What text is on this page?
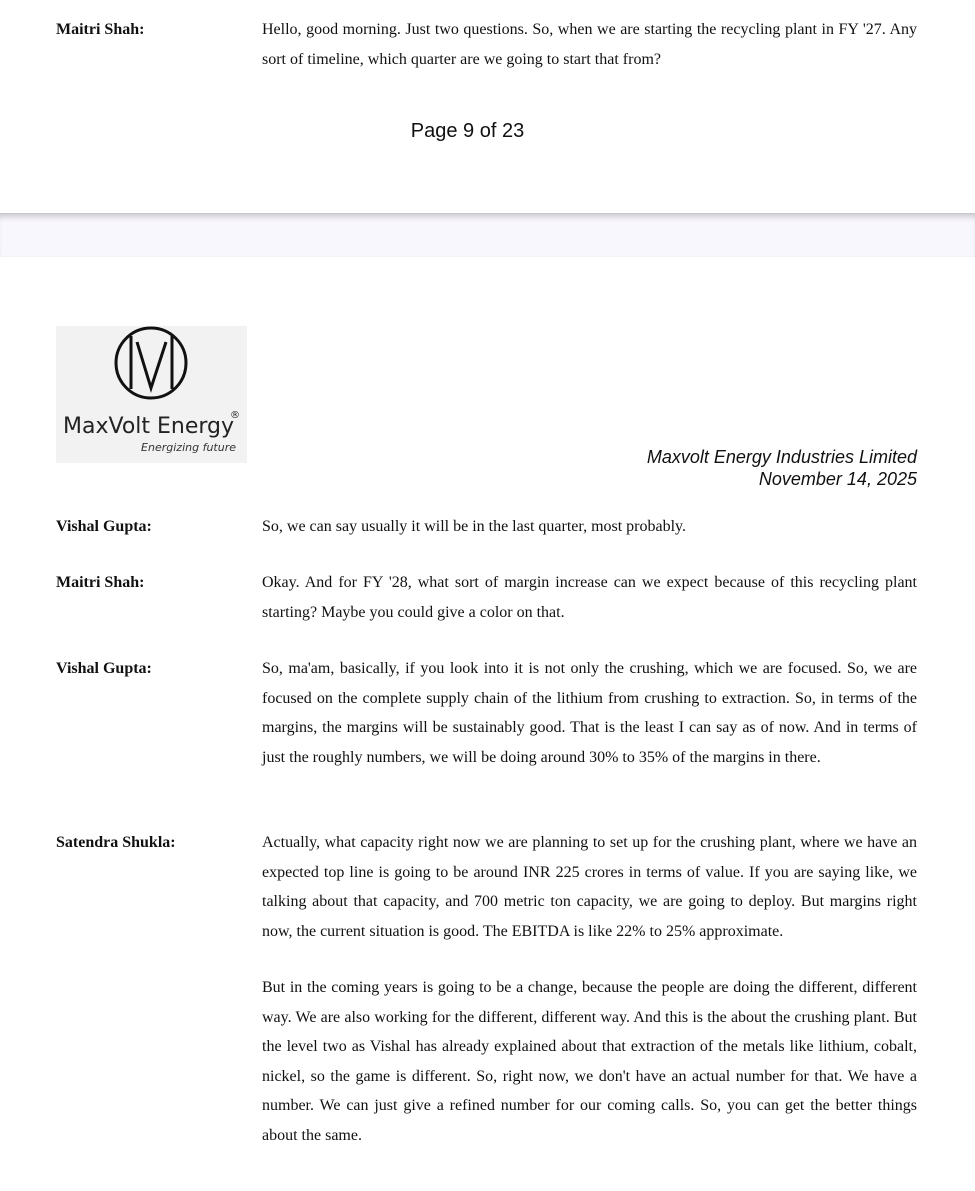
Maitri Shah:	Hello, good morning. Just two questions. So, when we are starting the recycling plant in FY '27. Any sort of timeline, which quarter are we going to start that from?
Page 9 of 23
MaxVolt Energy
®
Energizing future	Maxvolt Energy Industries Limited
November 14, 2025
Vishal Gupta:	So, we can say usually it will be in the last quarter, most probably.
Maitri Shah:	Okay. And for FY '28, what sort of margin increase can we expect because of this recycling plant starting? Maybe you could give a color on that.
Vishal Gupta:	So, ma'am, basically, if you look into it is not only the crushing, which we are focused. So, we are focused on the complete supply chain of the lithium from crushing to extraction. So, in terms of the margins, the margins will be sustainably good. That is the least I can say as of now. And in terms of just the roughly numbers, we will be doing around 30% to 35% of the margins in there.
Satendra Shukla:	Actually, what capacity right now we are planning to set up for the crushing plant, where we have an expected top line is going to be around INR 225 crores in terms of value. If you are saying like, we talking about that capacity, and 700 metric ton capacity, we are going to deploy. But margins right now, the current situation is good. The EBITDA is like 22% to 25% approximate.
But in the coming years is going to be a change, because the people are doing the different, different way. We are also working for the different, different way. And this is the about the crushing plant. But the level two as Vishal has already explained about that extraction of the metals like lithium, cobalt, nickel, so the game is different. So, right now, we don't have an actual number for that. We have a number. We can just give a refined number for our coming calls. So, you can get the better things about the same.
